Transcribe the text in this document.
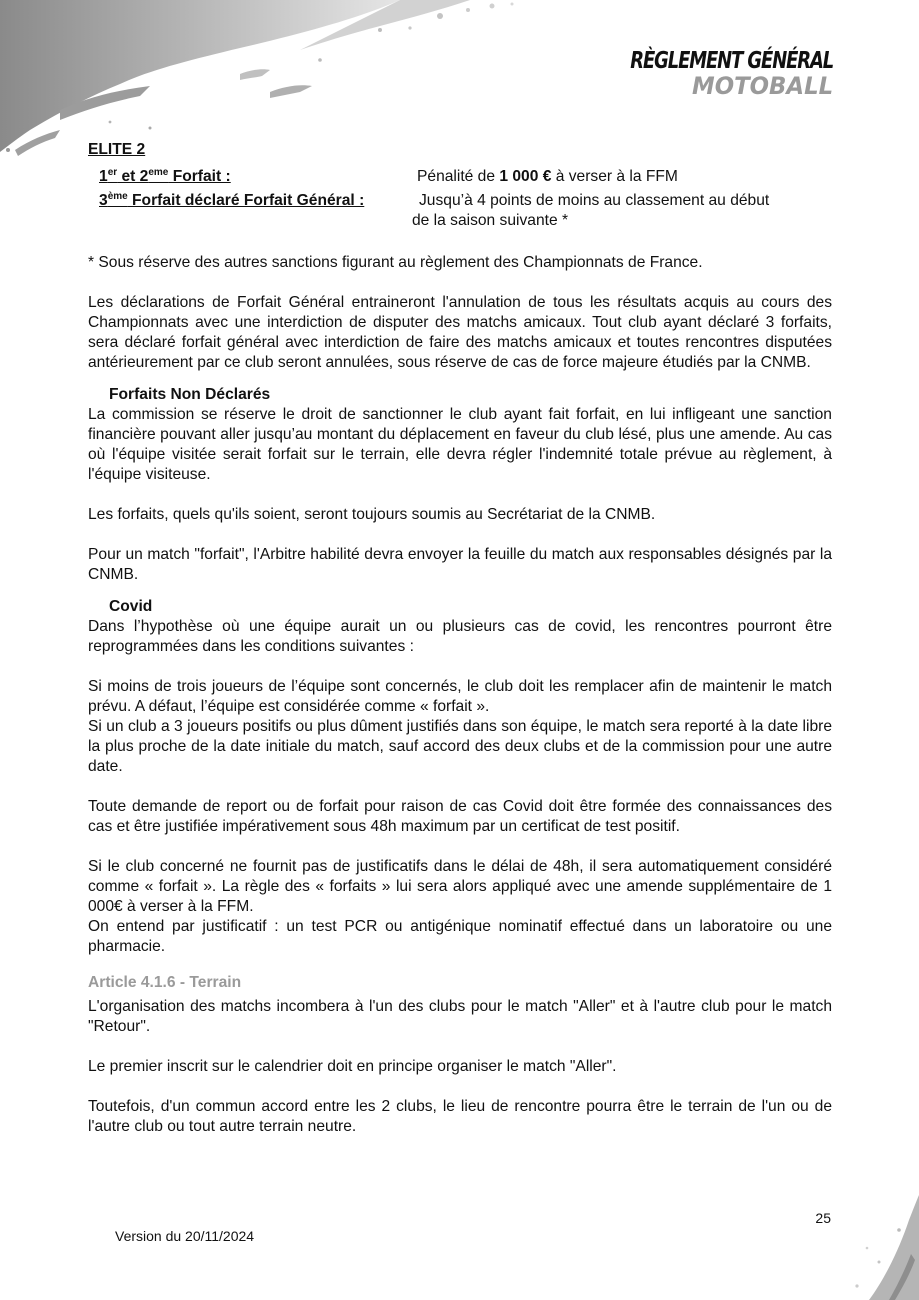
RÈGLEMENT GÉNÉRAL
MOTOBALL
ELITE 2
1er et 2eme Forfait :	Pénalité de 1 000 € à verser à la FFM
3ème Forfait déclaré Forfait Général :	Jusqu’à 4 points de moins au classement au début
de la saison suivante *

* Sous réserve des autres sanctions figurant au règlement des Championnats de France.

Les déclarations de Forfait Général entraineront l'annulation de tous les résultats acquis au cours des Championnats avec une interdiction de disputer des matchs amicaux. Tout club ayant déclaré 3 forfaits, sera déclaré forfait général avec interdiction de faire des matchs amicaux et toutes rencontres disputées antérieurement par ce club seront annulées, sous réserve de cas de force majeure étudiés par la CNMB.

Forfaits Non Déclarés

La commission se réserve le droit de sanctionner le club ayant fait forfait, en lui infligeant une sanction financière pouvant aller jusqu’au montant du déplacement en faveur du club lésé, plus une amende. Au cas où l'équipe visitée serait forfait sur le terrain, elle devra régler l'indemnité totale prévue au règlement, à l'équipe visiteuse.

Les forfaits, quels qu'ils soient, seront toujours soumis au Secrétariat de la CNMB.

Pour un match "forfait", l'Arbitre habilité devra envoyer la feuille du match aux responsables désignés par la CNMB.

Covid

Dans l’hypothèse où une équipe aurait un ou plusieurs cas de covid, les rencontres pourront être reprogrammées dans les conditions suivantes :

Si moins de trois joueurs de l’équipe sont concernés, le club doit les remplacer afin de maintenir le match prévu. A défaut, l’équipe est considérée comme « forfait ».

Si un club a 3 joueurs positifs ou plus dûment justifiés dans son équipe, le match sera reporté à la date libre la plus proche de la date initiale du match, sauf accord des deux clubs et de la commission pour une autre date.

Toute demande de report ou de forfait pour raison de cas Covid doit être formée des connaissances des cas et être justifiée impérativement sous 48h maximum par un certificat de test positif.

Si le club concerné ne fournit pas de justificatifs dans le délai de 48h, il sera automatiquement considéré comme « forfait ». La règle des « forfaits » lui sera alors appliqué avec une amende supplémentaire de 1 000€ à verser à la FFM.

On entend par justificatif : un test PCR ou antigénique nominatif effectué dans un laboratoire ou une pharmacie.

Article 4.1.6 - Terrain

L'organisation des matchs incombera à l'un des clubs pour le match "Aller" et à l'autre club pour le match "Retour".

Le premier inscrit sur le calendrier doit en principe organiser le match "Aller".

Toutefois, d'un commun accord entre les 2 clubs, le lieu de rencontre pourra être le terrain de l'un ou de l'autre club ou tout autre terrain neutre.

25
Version du 20/11/2024
